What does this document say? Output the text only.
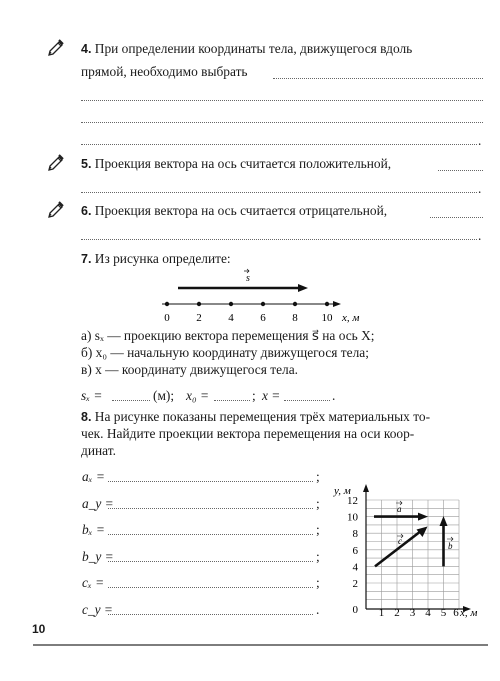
4. При определении координаты тела, движущегося вдоль
прямой, необходимо выбрать
.
5. Проекция вектора на ось считается положительной,
.
6. Проекция вектора на ось считается отрицательной,
.
7. Из рисунка определите:
s
0 2 4 6 8 10 x, м
а) sₓ — проекцию вектора перемещения s⃗ на ось X;
б) x₀ — начальную координату движущегося тела;
в) x — координату движущегося тела.
sₓ =	(м); x₀ =	; x =	.
8. На рисунке показаны перемещения трёх материальных то-
чек. Найдите проекции вектора перемещения на оси коор-
динат.
aₓ =	;
a_y =	;
bₓ =	;
b_y =	;
cₓ =	;
c_y =	.
y, м
x, м
12
10
8
6
4
2
0 1 2 3 4 5 6
a
c	b
10
